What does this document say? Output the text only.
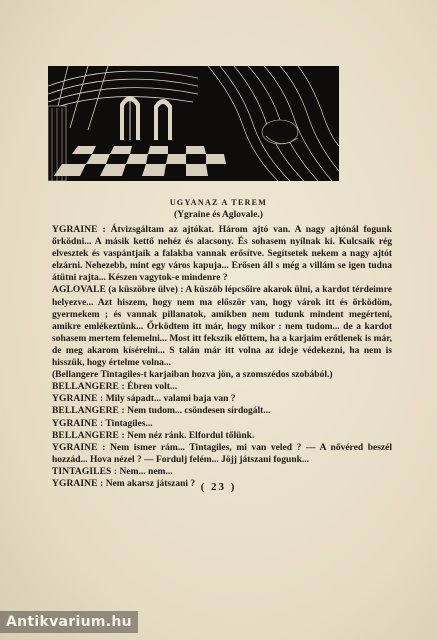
UGYANAZ A TEREM
(Ygraine és Aglovale.)

YGRAINE : Átvizsgáltam az ajtókat. Három ajtó van. A nagy ajtónál fogunk őrködni... A másik kettő nehéz és alacsony. És sohasem nyílnak ki. Kulcsaik rég elvesztek és vaspántjaik a falakba vannak erősítve. Segítsetek nekem a nagy ajtót elzárni. Nehezebb, mint egy város kapuja... Erősen áll s még a villám se igen tudna átütni rajta... Készen vagytok-e mindenre ?

AGLOVALE (a küszöbre ülve) : A küszöb lépcsőire akarok ülni, a kardot térdeimre helyezve... Azt hiszem, hogy nem ma először van, hogy várok itt és őrködöm, gyermekem ; és vannak pillanatok, amikben nem tudunk mindent megérteni, amikre emlékeztünk... Őrködtem itt már, hogy mikor : nem tudom... de a kardot sohasem mertem felemelni... Most itt fekszik előttem, ha a karjaim erőtlenek is már, de meg akarom kísérelni... S talán már itt volna az ideje védekezni, ha nem is hisszük, hogy értelme volna...

(Bellangere Tintagiles-t karjaiban hozva jön, a szomszédos szobából.)

BELLANGERE : Ébren volt...

YGRAINE : Mily sápadt... valami baja van ?

BELLANGERE : Nem tudom... csöndesen sírdogált...

YGRAINE : Tintagiles...

BELLANGERE : Nem néz ránk. Elfordul tőlünk.

YGRAINE : Nem ismer rám... Tintagiles, mi van veled ? — A nővéred beszél hozzád... Hova nézel ? — Fordulj felém... Jöjj játszani fogunk...

TINTAGILES : Nem... nem...

YGRAINE : Nem akarsz játszani ? ( 23 )
Antikvarium.hu
